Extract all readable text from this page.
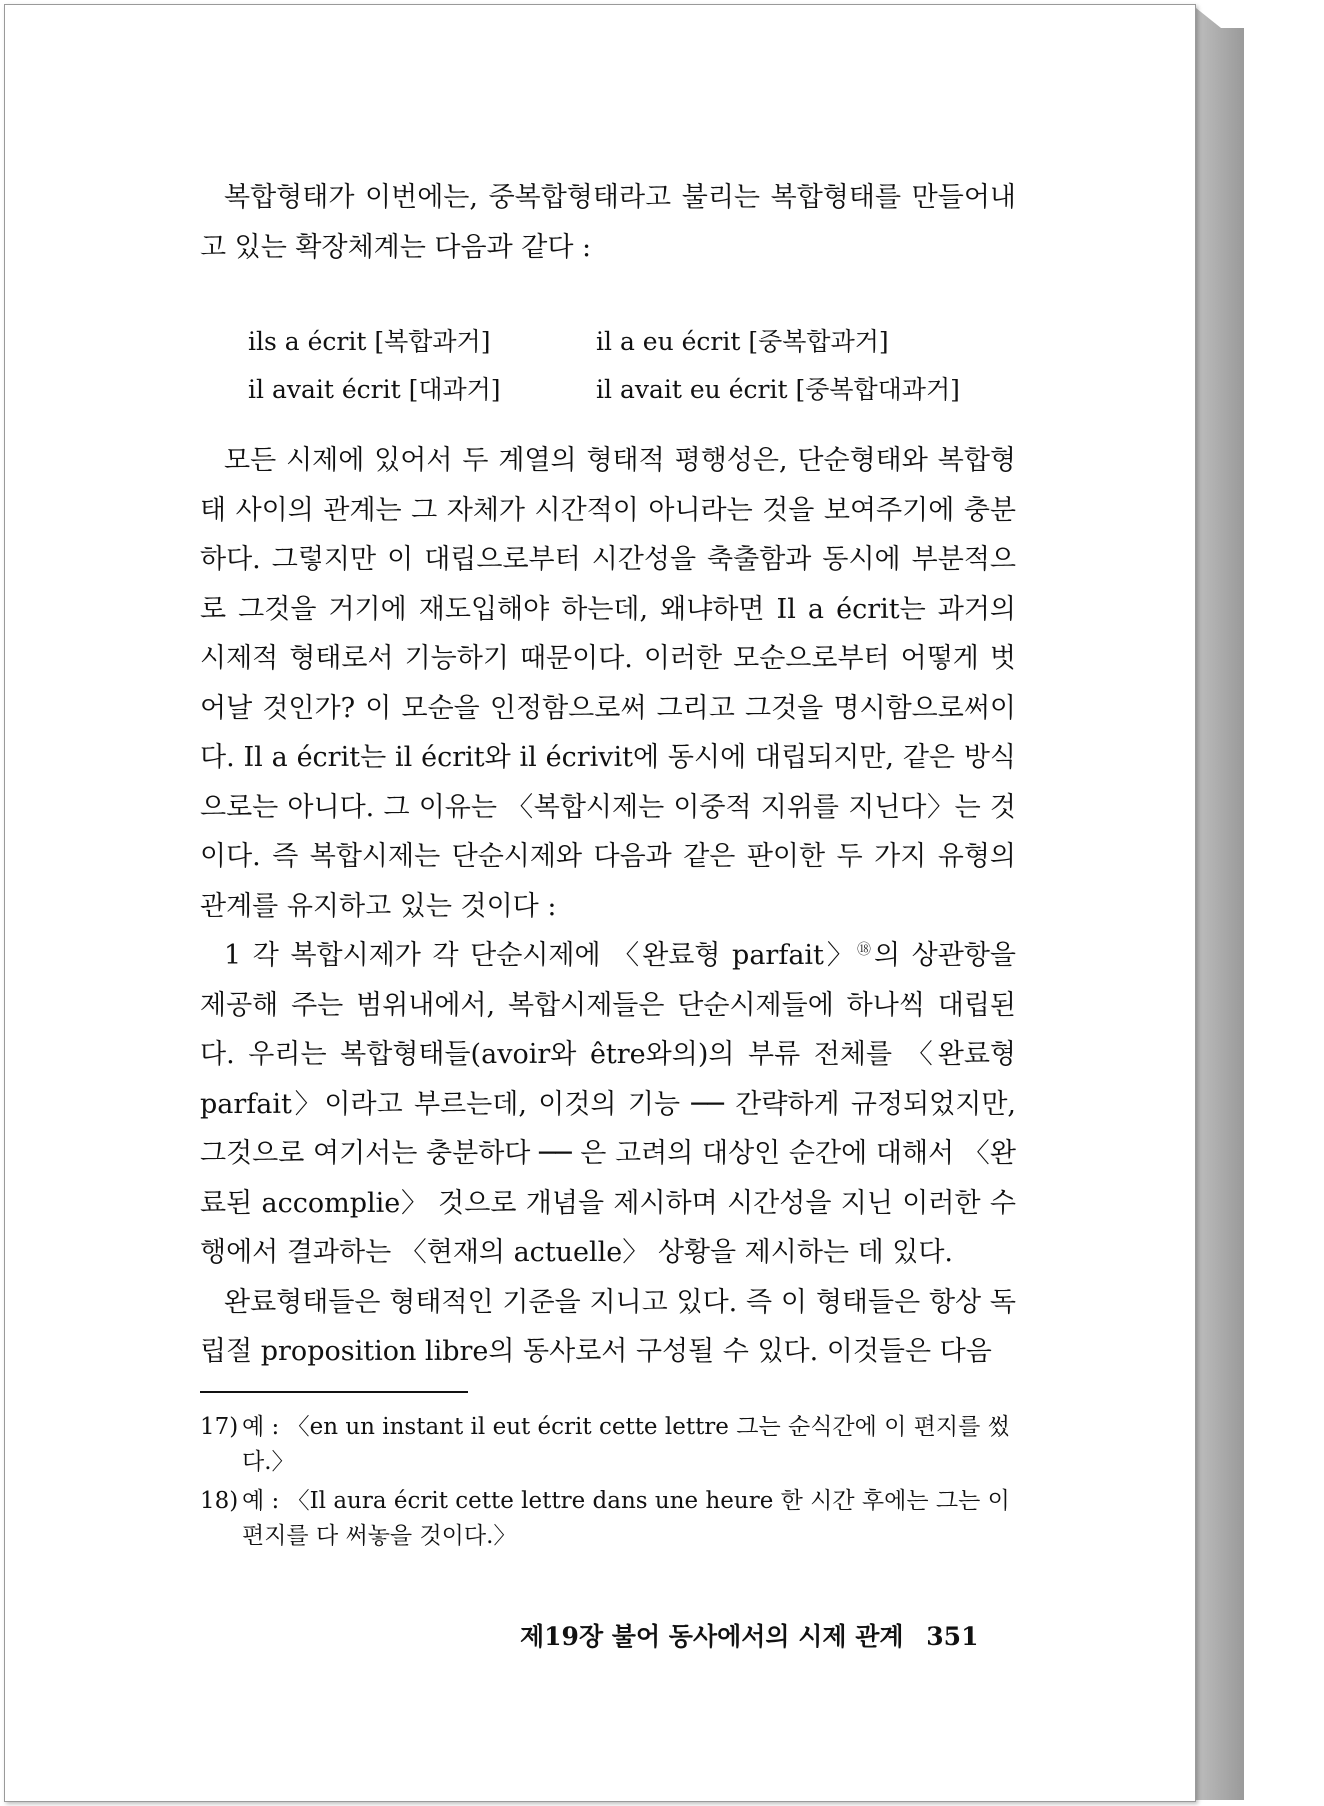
복합형태가 이번에는, 중복합형태라고 불리는 복합형태를 만들어내고 있는 확장체계는 다음과 같다 :

ils a écrit [복합과거]	il a eu écrit [중복합과거]
il avait écrit [대과거]	il avait eu écrit [중복합대과거]

모든 시제에 있어서 두 계열의 형태적 평행성은, 단순형태와 복합형태 사이의 관계는 그 자체가 시간적이 아니라는 것을 보여주기에 충분하다. 그렇지만 이 대립으로부터 시간성을 축출함과 동시에 부분적으로 그것을 거기에 재도입해야 하는데, 왜냐하면 Il a écrit는 과거의 시제적 형태로서 기능하기 때문이다. 이러한 모순으로부터 어떻게 벗어날 것인가? 이 모순을 인정함으로써 그리고 그것을 명시함으로써이다. Il a écrit는 il écrit와 il écrivit에 동시에 대립되지만, 같은 방식으로는 아니다. 그 이유는 〈복합시제는 이중적 지위를 지닌다〉는 것이다. 즉 복합시제는 단순시제와 다음과 같은 판이한 두 가지 유형의 관계를 유지하고 있는 것이다 :

1 각 복합시제가 각 단순시제에 〈완료형 parfait〉⑱의 상관항을 제공해 주는 범위내에서, 복합시제들은 단순시제들에 하나씩 대립된다. 우리는 복합형태들(avoir와 être와의)의 부류 전체를 〈완료형 parfait〉이라고 부르는데, 이것의 기능 ── 간략하게 규정되었지만, 그것으로 여기서는 충분하다 ── 은 고려의 대상인 순간에 대해서 〈완료된 accomplie〉 것으로 개념을 제시하며 시간성을 지닌 이러한 수행에서 결과하는 〈현재의 actuelle〉 상황을 제시하는 데 있다.

완료형태들은 형태적인 기준을 지니고 있다. 즉 이 형태들은 항상 독립절 proposition libre의 동사로서 구성될 수 있다. 이것들은 다음

17) 예 : 〈en un instant il eut écrit cette lettre 그는 순식간에 이 편지를 썼다.〉
18) 예 : 〈Il aura écrit cette lettre dans une heure 한 시간 후에는 그는 이 편지를 다 써놓을 것이다.〉
제19장 불어 동사에서의 시제 관계 351
